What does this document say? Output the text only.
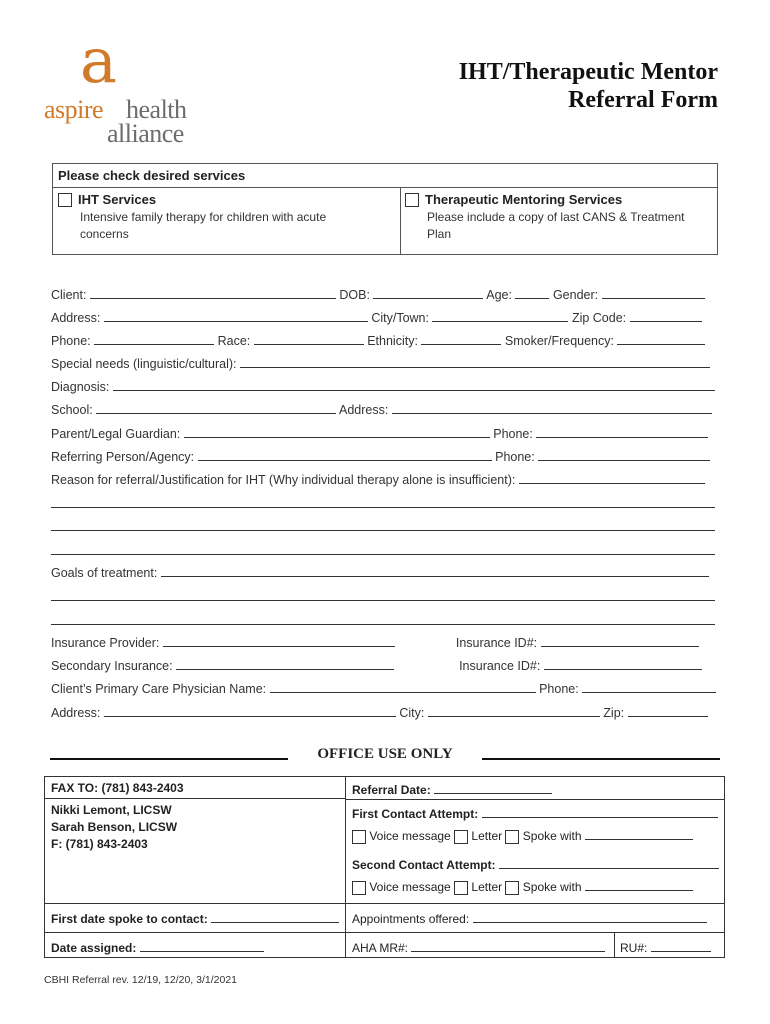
a
aspire health
alliance
IHT/Therapeutic Mentor
Referral Form
Please check desired services
IHT Services
Intensive family therapy for children with acute
concerns
Therapeutic Mentoring Services
Please include a copy of last CANS & Treatment
Plan
Client:	DOB:	Age:	Gender:
Address:	City/Town:	Zip Code:
Phone:	Race:	Ethnicity:	Smoker/Frequency:
Special needs (linguistic/cultural):
Diagnosis:
School:	Address:
Parent/Legal Guardian:	Phone:
Referring Person/Agency:	Phone:
Reason for referral/Justification for IHT (Why individual therapy alone is insufficient):
Goals of treatment:
Insurance Provider:	Insurance ID#:
Secondary Insurance:	Insurance ID#:
Client’s Primary Care Physician Name:	Phone:
Address:	City:	Zip:
OFFICE USE ONLY
FAX TO: (781) 843-2403
Nikki Lemont, LICSW
Sarah Benson, LICSW
F: (781) 843-2403
Referral Date:
First Contact Attempt:
Voice message Letter Spoke with
Second Contact Attempt:
Voice message Letter Spoke with
First date spoke to contact:	Appointments offered:
Date assigned:	AHA MR#:	RU#:
CBHI Referral rev. 12/19, 12/20, 3/1/2021
